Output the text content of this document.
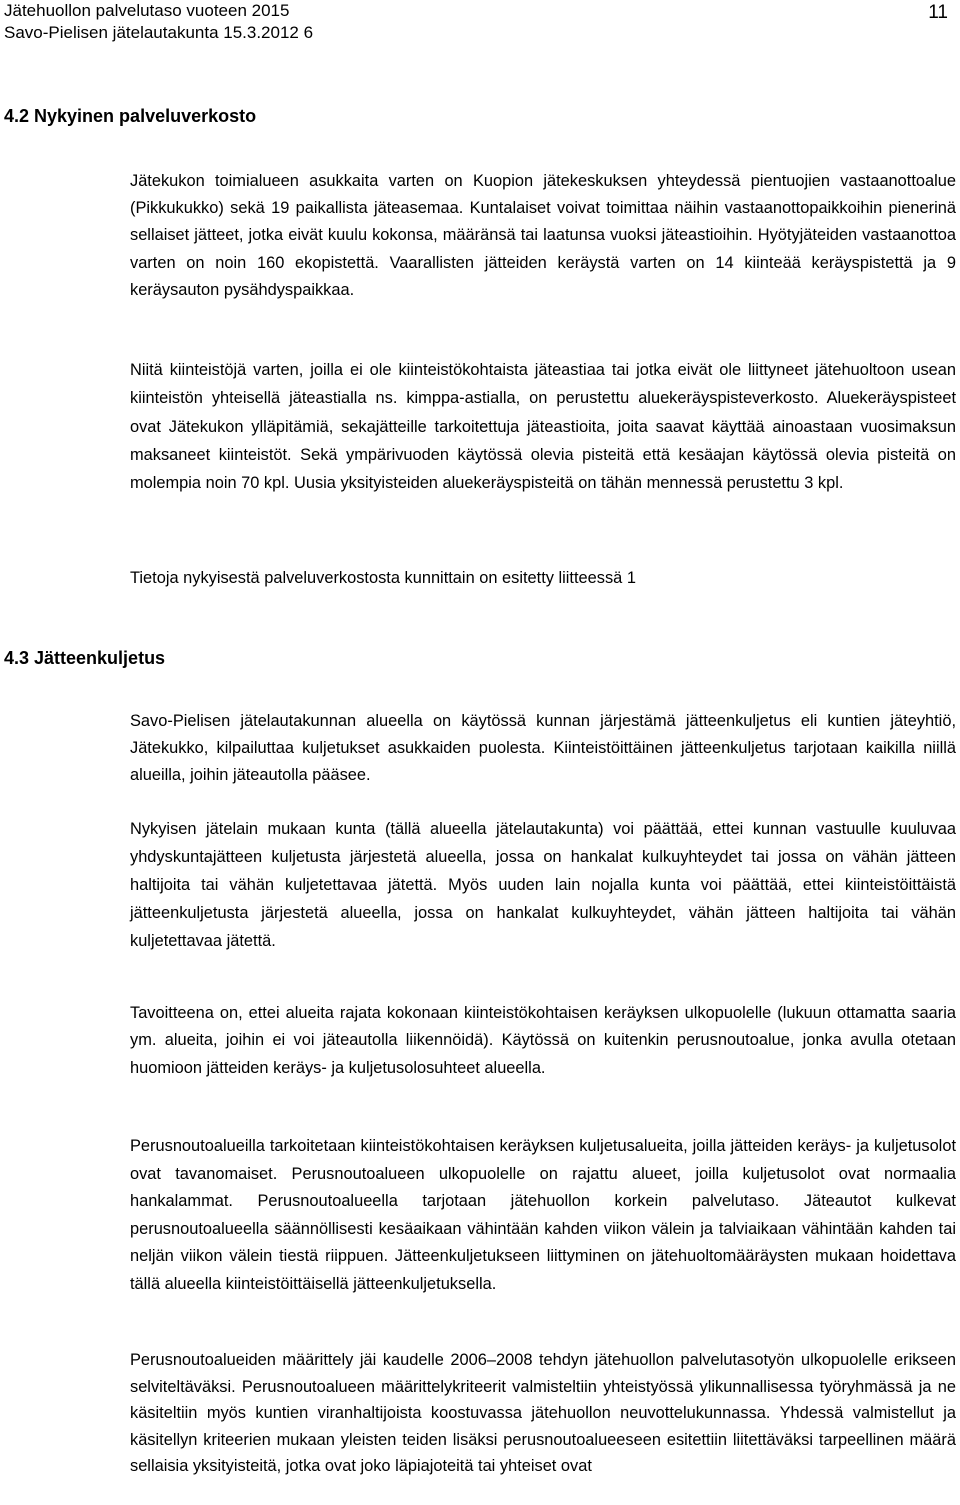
Jätehuollon palvelutaso vuoteen 2015
Savo-Pielisen jätelautakunta 15.3.2012 6
11
4.2 Nykyinen palveluverkosto
Jätekukon toimialueen asukkaita varten on Kuopion jätekeskuksen yhteydessä pientuojien vastaanottoalue (Pikkukukko) sekä 19 paikallista jäteasemaa. Kuntalaiset voivat toimittaa näihin vastaanottopaikkoihin pienerinä sellaiset jätteet, jotka eivät kuulu kokonsa, määränsä tai laatunsa vuoksi jäteastioihin. Hyötyjäteiden vastaanottoa varten on noin 160 ekopistettä. Vaarallisten jätteiden keräystä varten on 14 kiinteää keräyspistettä ja 9 keräysauton pysähdyspaikkaa.
Niitä kiinteistöjä varten, joilla ei ole kiinteistökohtaista jäteastiaa tai jotka eivät ole liittyneet jätehuoltoon usean kiinteistön yhteisellä jäteastialla ns. kimppa-astialla, on perustettu aluekeräyspisteverkosto. Aluekeräyspisteet ovat Jätekukon ylläpitämiä, sekajätteille tarkoitettuja jäteastioita, joita saavat käyttää ainoastaan vuosimaksun maksaneet kiinteistöt. Sekä ympärivuoden käytössä olevia pisteitä että kesäajan käytössä olevia pisteitä on molempia noin 70 kpl. Uusia yksityisteiden aluekeräyspisteitä on tähän mennessä perustettu 3 kpl.
Tietoja nykyisestä palveluverkostosta kunnittain on esitetty liitteessä 1
4.3 Jätteenkuljetus
Savo-Pielisen jätelautakunnan alueella on käytössä kunnan järjestämä jätteenkuljetus eli kuntien jäteyhtiö, Jätekukko, kilpailuttaa kuljetukset asukkaiden puolesta. Kiinteistöittäinen jätteenkuljetus tarjotaan kaikilla niillä alueilla, joihin jäteautolla pääsee.
Nykyisen jätelain mukaan kunta (tällä alueella jätelautakunta) voi päättää, ettei kunnan vastuulle kuuluvaa yhdyskuntajätteen kuljetusta järjestetä alueella, jossa on hankalat kulkuyhteydet tai jossa on vähän jätteen haltijoita tai vähän kuljetettavaa jätettä. Myös uuden lain nojalla kunta voi päättää, ettei kiinteistöittäistä jätteenkuljetusta järjestetä alueella, jossa on hankalat kulkuyhteydet, vähän jätteen haltijoita tai vähän kuljetettavaa jätettä.
Tavoitteena on, ettei alueita rajata kokonaan kiinteistökohtaisen keräyksen ulkopuolelle (lukuun ottamatta saaria ym. alueita, joihin ei voi jäteautolla liikennöidä). Käytössä on kuitenkin perusnoutoalue, jonka avulla otetaan huomioon jätteiden keräys- ja kuljetusolosuhteet alueella.
Perusnoutoalueilla tarkoitetaan kiinteistökohtaisen keräyksen kuljetusalueita, joilla jätteiden keräys- ja kuljetusolot ovat tavanomaiset. Perusnoutoalueen ulkopuolelle on rajattu alueet, joilla kuljetusolot ovat normaalia hankalammat. Perusnoutoalueella tarjotaan jätehuollon korkein palvelutaso. Jäteautot kulkevat perusnoutoalueella säännöllisesti kesäaikaan vähintään kahden viikon välein ja talviaikaan vähintään kahden tai neljän viikon välein tiestä riippuen. Jätteenkuljetukseen liittyminen on jätehuoltomääräysten mukaan hoidettava tällä alueella kiinteistöittäisellä jätteenkuljetuksella.
Perusnoutoalueiden määrittely jäi kaudelle 2006–2008 tehdyn jätehuollon palvelutasotyön ulkopuolelle erikseen selviteltäväksi. Perusnoutoalueen määrittelykriteerit valmisteltiin yhteistyössä ylikunnallisessa työryhmässä ja ne käsiteltiin myös kuntien viranhaltijoista koostuvassa jätehuollon neuvottelukunnassa. Yhdessä valmistellut ja käsitellyn kriteerien mukaan yleisten teiden lisäksi perusnoutoalueeseen esitettiin liitettäväksi tarpeellinen määrä sellaisia yksityisteitä, jotka ovat joko läpiajoteitä tai yhteiset ovat
